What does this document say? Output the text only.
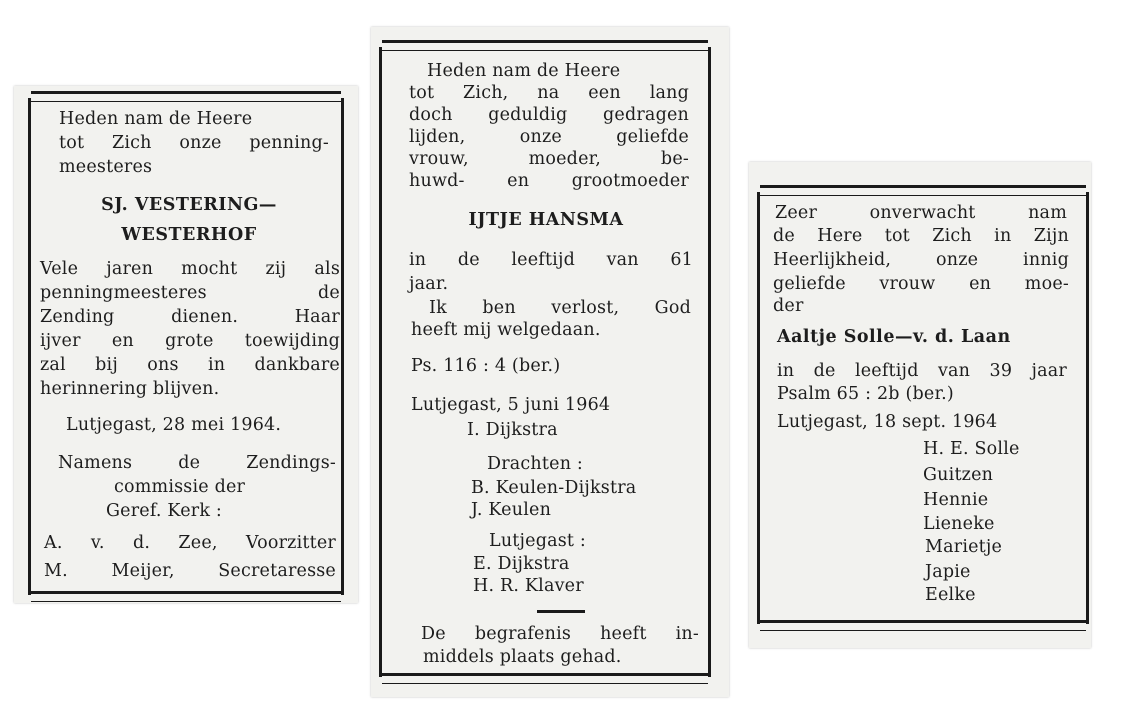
Heden nam de Heere
tot Zich onze penning-
meesteres
SJ. VESTERING—
WESTERHOF
Vele jaren mocht zij als
penningmeesteres de
Zending dienen. Haar
ijver en grote toewijding
zal bij ons in dankbare
herinnering blijven.
Lutjegast, 28 mei 1964.
Namens de Zendings-
commissie der
Geref. Kerk :
A. v. d. Zee, Voorzitter
M. Meijer, Secretaresse
Heden nam de Heere
tot Zich, na een lang
doch geduldig gedragen
lijden, onze geliefde
vrouw, moeder, be-
huwd- en grootmoeder
IJTJE HANSMA
in de leeftijd van 61
jaar.
Ik ben verlost, God
heeft mij welgedaan.
Ps. 116 : 4 (ber.)
Lutjegast, 5 juni 1964
I. Dijkstra
Drachten :
B. Keulen-Dijkstra
J. Keulen
Lutjegast :
E. Dijkstra
H. R. Klaver
De begrafenis heeft in-
middels plaats gehad.
Zeer onverwacht nam
de Here tot Zich in Zijn
Heerlijkheid, onze innig
geliefde vrouw en moe-
der
Aaltje Solle—v. d. Laan
in de leeftijd van 39 jaar
Psalm 65 : 2b (ber.)
Lutjegast, 18 sept. 1964
H. E. Solle
Guitzen
Hennie
Lieneke
Marietje
Japie
Eelke
